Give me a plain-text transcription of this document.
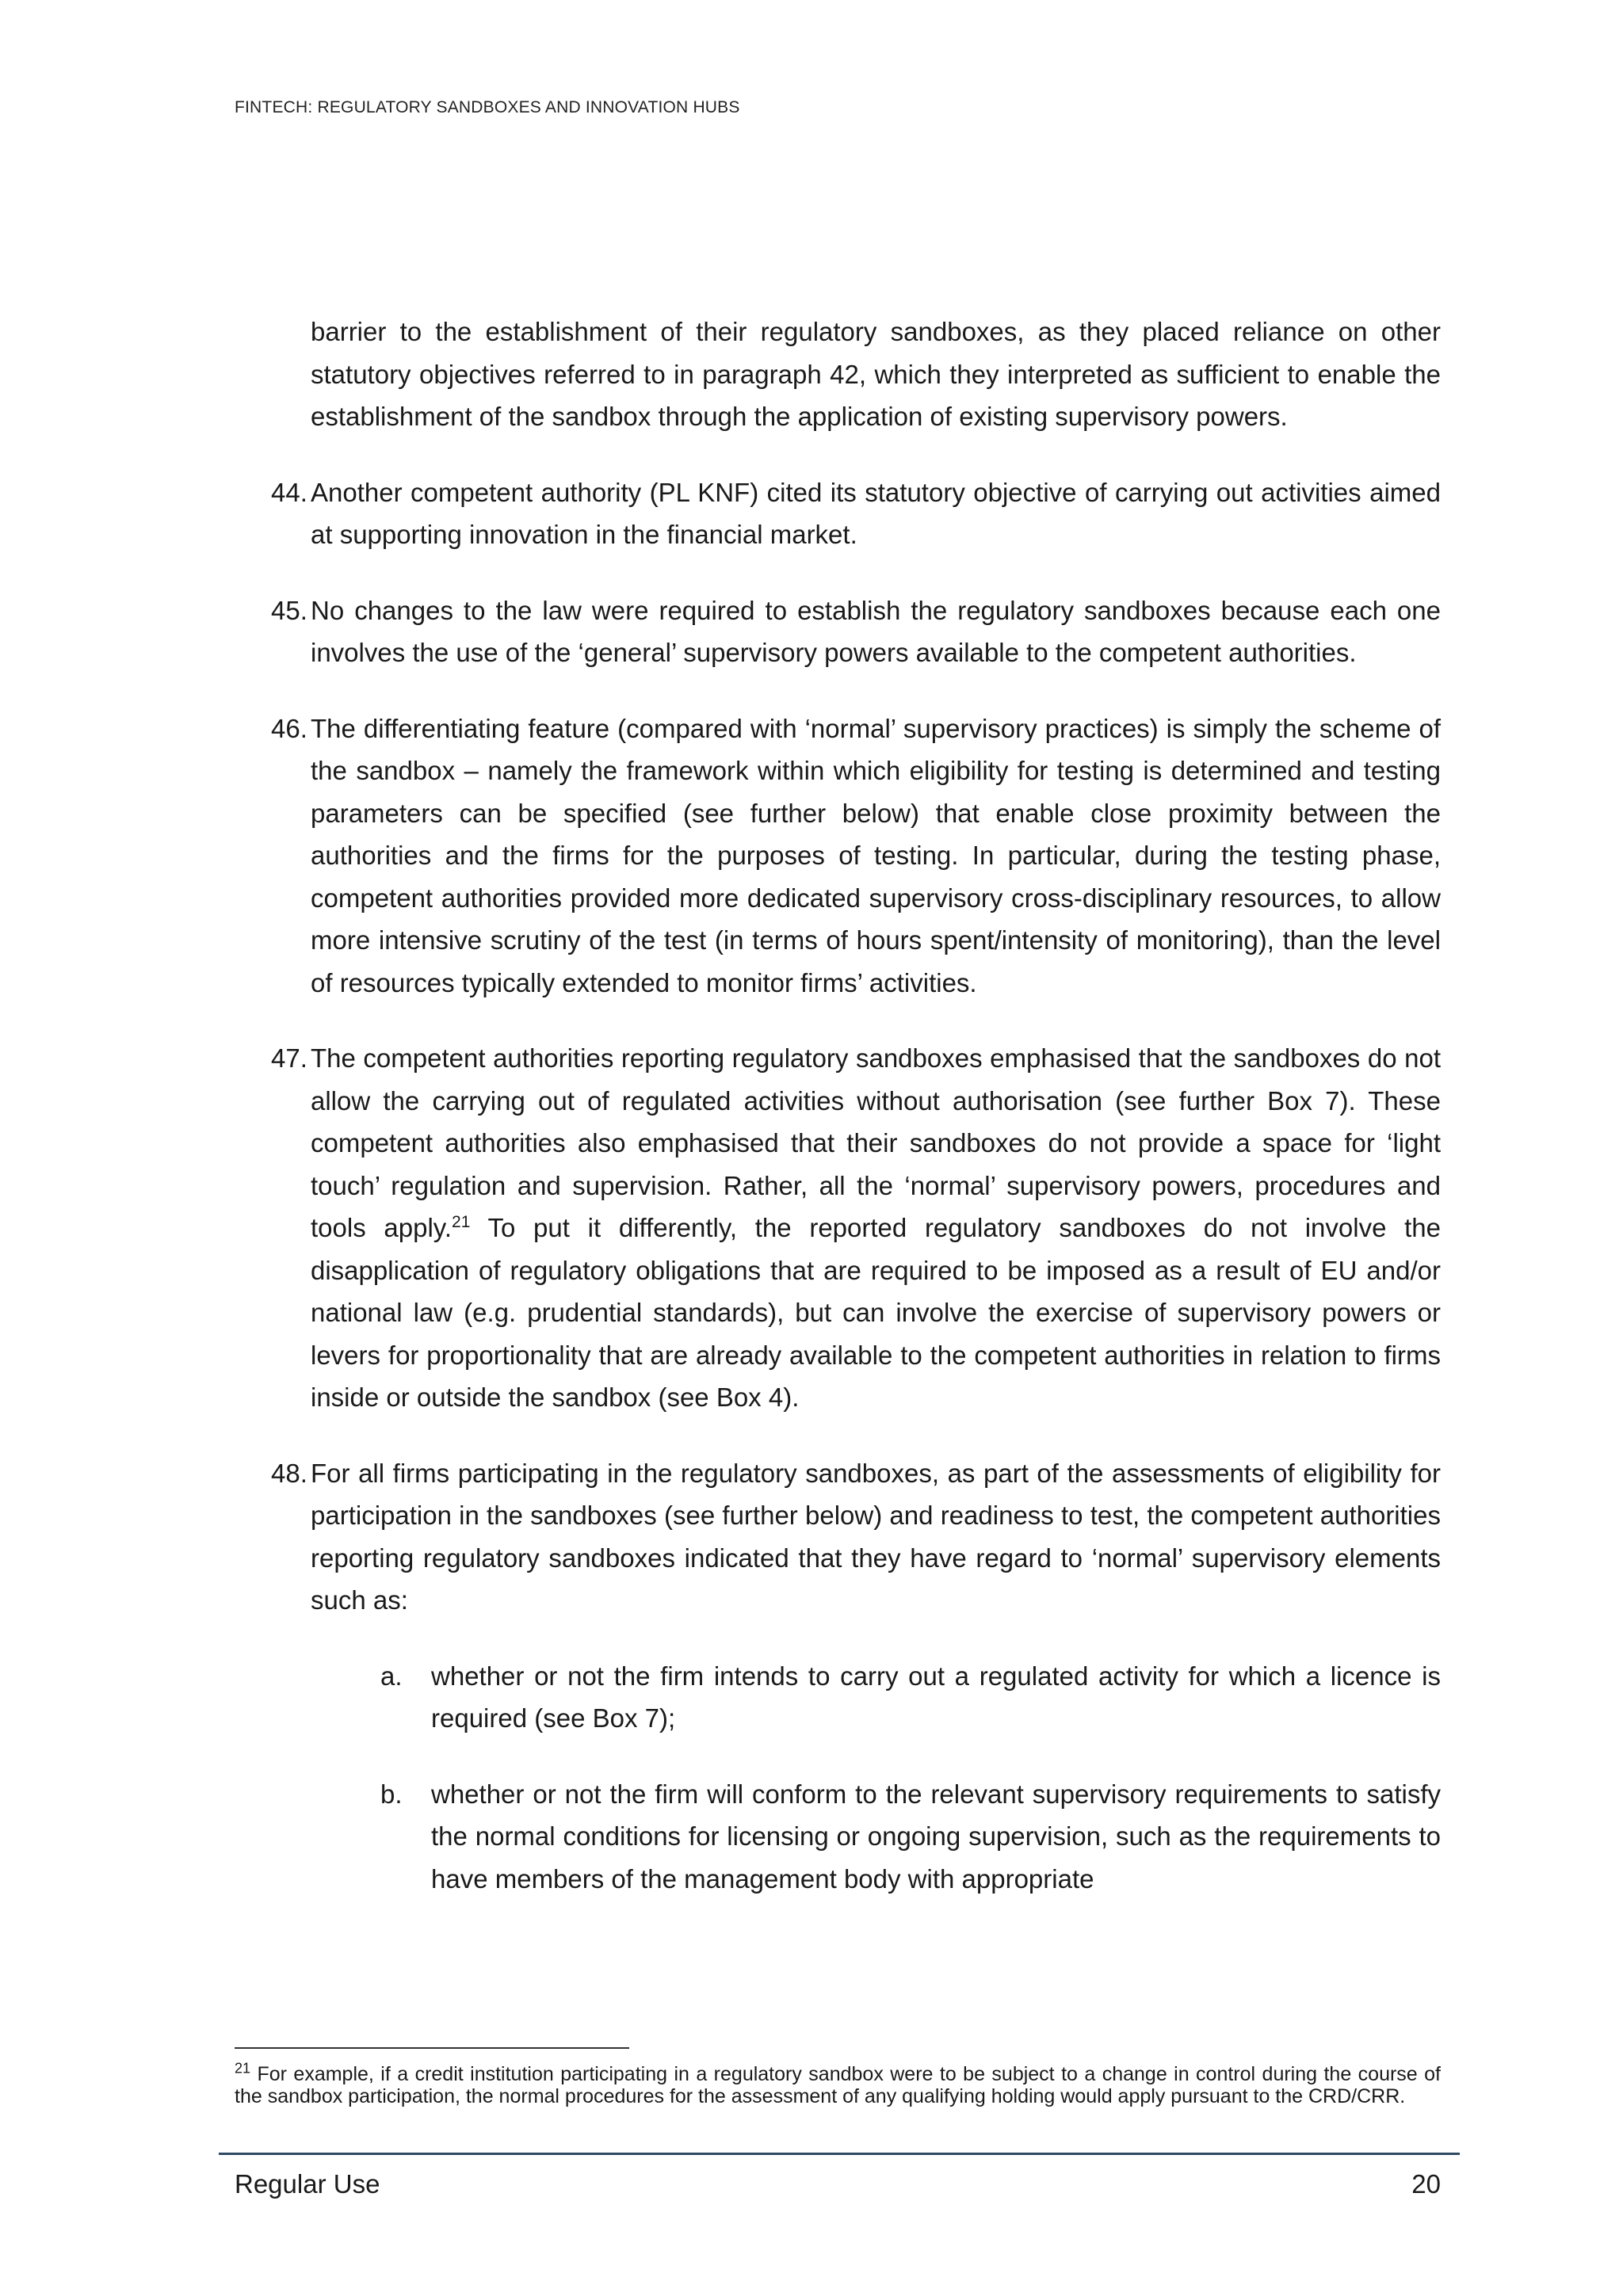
FINTECH: REGULATORY SANDBOXES AND INNOVATION HUBS

barrier to the establishment of their regulatory sandboxes, as they placed reliance on other statutory objectives referred to in paragraph 42, which they interpreted as sufficient to enable the establishment of the sandbox through the application of existing supervisory powers.

44. Another competent authority (PL KNF) cited its statutory objective of carrying out activities aimed at supporting innovation in the financial market.

45. No changes to the law were required to establish the regulatory sandboxes because each one involves the use of the ‘general’ supervisory powers available to the competent authorities.

46. The differentiating feature (compared with ‘normal’ supervisory practices) is simply the scheme of the sandbox – namely the framework within which eligibility for testing is determined and testing parameters can be specified (see further below) that enable close proximity between the authorities and the firms for the purposes of testing. In particular, during the testing phase, competent authorities provided more dedicated supervisory cross-disciplinary resources, to allow more intensive scrutiny of the test (in terms of hours spent/intensity of monitoring), than the level of resources typically extended to monitor firms’ activities.

47. The competent authorities reporting regulatory sandboxes emphasised that the sandboxes do not allow the carrying out of regulated activities without authorisation (see further Box 7). These competent authorities also emphasised that their sandboxes do not provide a space for ‘light touch’ regulation and supervision. Rather, all the ‘normal’ supervisory powers, procedures and tools apply.$^{21}$ To put it differently, the reported regulatory sandboxes do not involve the disapplication of regulatory obligations that are required to be imposed as a result of EU and/or national law (e.g. prudential standards), but can involve the exercise of supervisory powers or levers for proportionality that are already available to the competent authorities in relation to firms inside or outside the sandbox (see Box 4).

48. For all firms participating in the regulatory sandboxes, as part of the assessments of eligibility for participation in the sandboxes (see further below) and readiness to test, the competent authorities reporting regulatory sandboxes indicated that they have regard to ‘normal’ supervisory elements such as:

a. whether or not the firm intends to carry out a regulated activity for which a licence is required (see Box 7);

b. whether or not the firm will conform to the relevant supervisory requirements to satisfy the normal conditions for licensing or ongoing supervision, such as the requirements to have members of the management body with appropriate

$^{21}$ For example, if a credit institution participating in a regulatory sandbox were to be subject to a change in control during the course of the sandbox participation, the normal procedures for the assessment of any qualifying holding would apply pursuant to the CRD/CRR.
Regular Use	20
